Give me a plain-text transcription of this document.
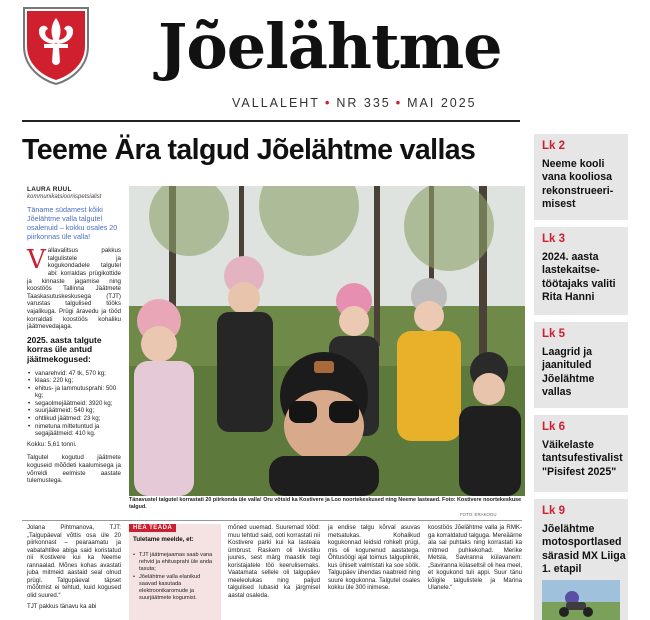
Jõelähtme
VALLALEHT • NR 335 • MAI 2025
Teeme Ära talgud Jõelähtme vallas
LAURA RUUL
kommunikatsioonispetsialist
Täname südamest kõiki Jõelähtme valla talgutel osalenuid – kokku osales 20 piirkonnas üle valla!
Vallavalitsus pakkus talgulistele ja kogukondadele talgutel abi: korraldas prügikottide ja kinnaste jagamise ning koostöös Tallinna Jäätmete Taaskasutuskeskusega (TJT) varustas talgulised tööks vajalikuga. Prügi äravedu ja tööd korraldati koostöös kohaliku jäätmevedajaga.
2025. aasta talgute korras üle antud jäätmekogused:
• vanarehvid: 47 tk, 570 kg;
• klaas: 220 kg;
• ehitus- ja lammutusprahi: 500 kg;
• segaolmejäätmeid: 3920 kg;
• suurjäätmeid: 540 kg;
• ohtlikud jäätmed: 23 kg;
• nimetuna mittetuntud ja segajäätmeid: 410 kg.
Kokku: 5,61 tonni.
Talgutel kogutud jäätmete koguseid mõõdeti kaalumisega ja võrreldi eelmiste aastate tulemustega.
Tänavustel talgutel korrastati 20 piirkonda üle valla! Oru võtsid ka Kostivere ja Loo noortekeskused ning Neeme lasteaed. Foto: Kostivere noortekeskuse talgud.
FOTO: ERAKOGU

Jolana Pihtmanova, TJT: „Talgupäeval võttis osa üle 20 piirkonnast – pearaamatu ja vabatahtlike abiga said koristatud nii Kostivere kui ka Neeme rannaalad. Mõnes kohas avastati juba mitmeid aastaid seal olnud prügi. Talgupäeval täpset mõõtmist ei tehtud, kuid kogused olid suured.“

TJT pakkus tänavu ka abi

HEA TEADA
Tuletame meelde, et:
• TJT jäätmejaamas saab vana rehvid ja ehitusprahi üle anda tasuta;
• Jõelähtme valla elanikud saavad kasutada elektroonikaromude ja suurjäätmete kogumist.

mõned uuemad. Suuremad tööd: muu tehtud said, ooti korrastati nii Kostivere parki kui ka lasteaia ümbrust. Raskem oli kivistiku juures, sest märg maastik tegi koristajatele töö keerulisemaks. Vaatamata sellele oli talgupäev meeleolukas ning paljud talgulised lubasid ka järgmisel aastal osaleda.

ja endise talgu kõrval asuvas metsatukas. Kohalikud kogukonnad leidsid rohkelt prügi, mis oli kogunenud aastatega. Õhtusöögi ajal toimus talgupiknik, kus ühiselt valmistati ka soe söök. Talgupäev ühendas naabreid ning suure kogukonna. Talgutel osales kokku üle 300 inimese.

koostöös Jõelähtme valla ja RMK-ga korraldatud talguga. Mereäärne ala sai puhtaks ning korrastati ka mitmed puhkekohad. Merike Metsla, Savirannа külavanem: „Saviranna külaseltsil oli hea meel, et kogukond tuli appi. Suur tänu kõigile talgulistele ja Marina Ulanele.“

Lk 2
Neeme kooli vana kooliosa rekonstrueeri-misest
Lk 3
2024. aasta lastekaitse-töötajaks valiti Rita Hanni
Lk 5
Laagrid ja jaanitulеd Jõelähtme vallas
Lk 6
Väikelaste tantsufestivalist "Pisifest 2025"
Lk 9
Jõelähtme motosportlased särasid MX Liiga 1. etapil
